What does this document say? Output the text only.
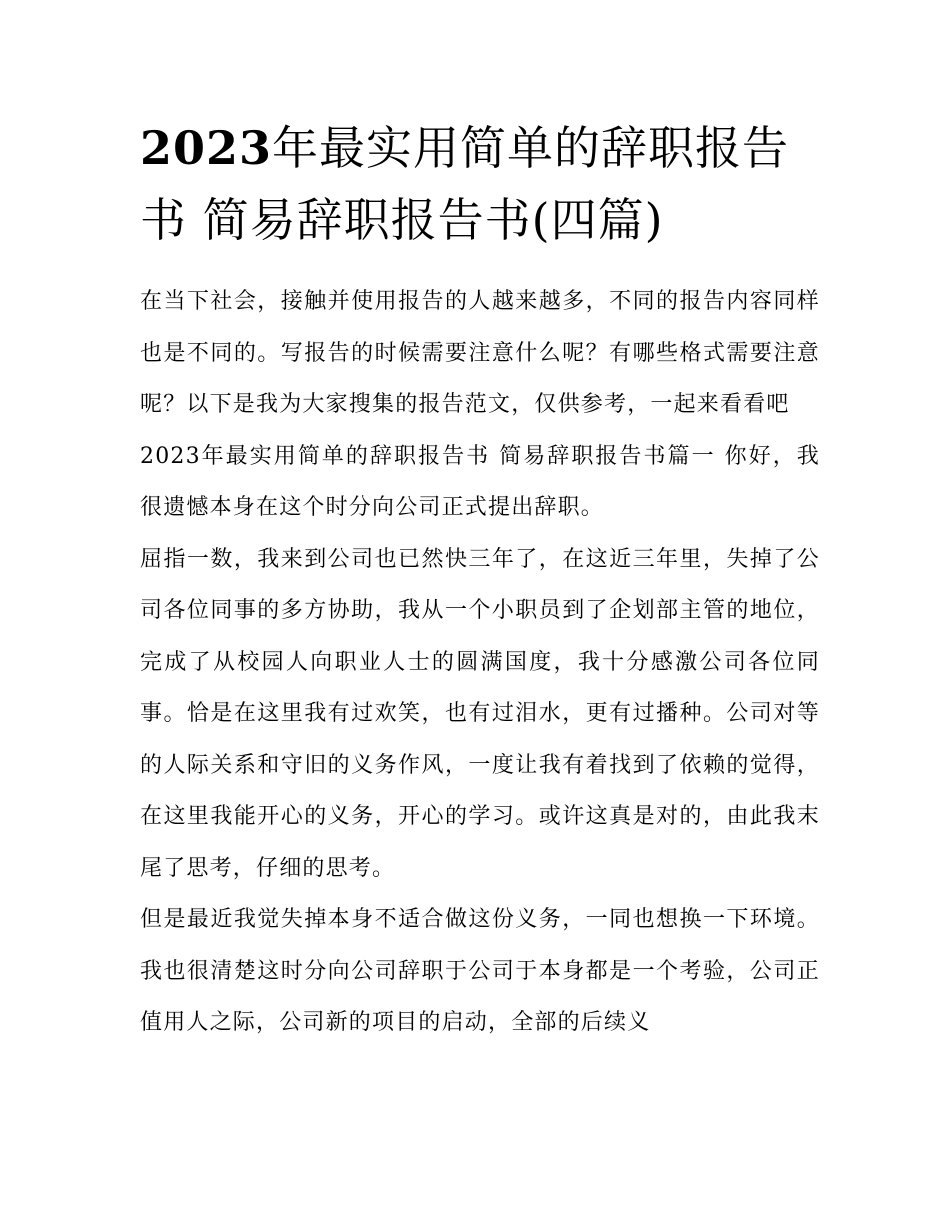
2023年最实用简单的辞职报告书 简易辞职报告书(四篇)

在当下社会，接触并使用报告的人越来越多，不同的报告内容同样也是不同的。写报告的时候需要注意什么呢？有哪些格式需要注意呢？以下是我为大家搜集的报告范文，仅供参考，一起来看看吧

2023年最实用简单的辞职报告书 简易辞职报告书篇一 你好，我很遗憾本身在这个时分向公司正式提出辞职。

屈指一数，我来到公司也已然快三年了，在这近三年里，失掉了公司各位同事的多方协助，我从一个小职员到了企划部主管的地位，完成了从校园人向职业人士的圆满国度，我十分感激公司各位同事。恰是在这里我有过欢笑，也有过泪水，更有过播种。公司对等的人际关系和守旧的义务作风，一度让我有着找到了依赖的觉得，在这里我能开心的义务，开心的学习。或许这真是对的，由此我末尾了思考，仔细的思考。

但是最近我觉失掉本身不适合做这份义务，一同也想换一下环境。我也很清楚这时分向公司辞职于公司于本身都是一个考验，公司正值用人之际，公司新的项目的启动，全部的后续义
